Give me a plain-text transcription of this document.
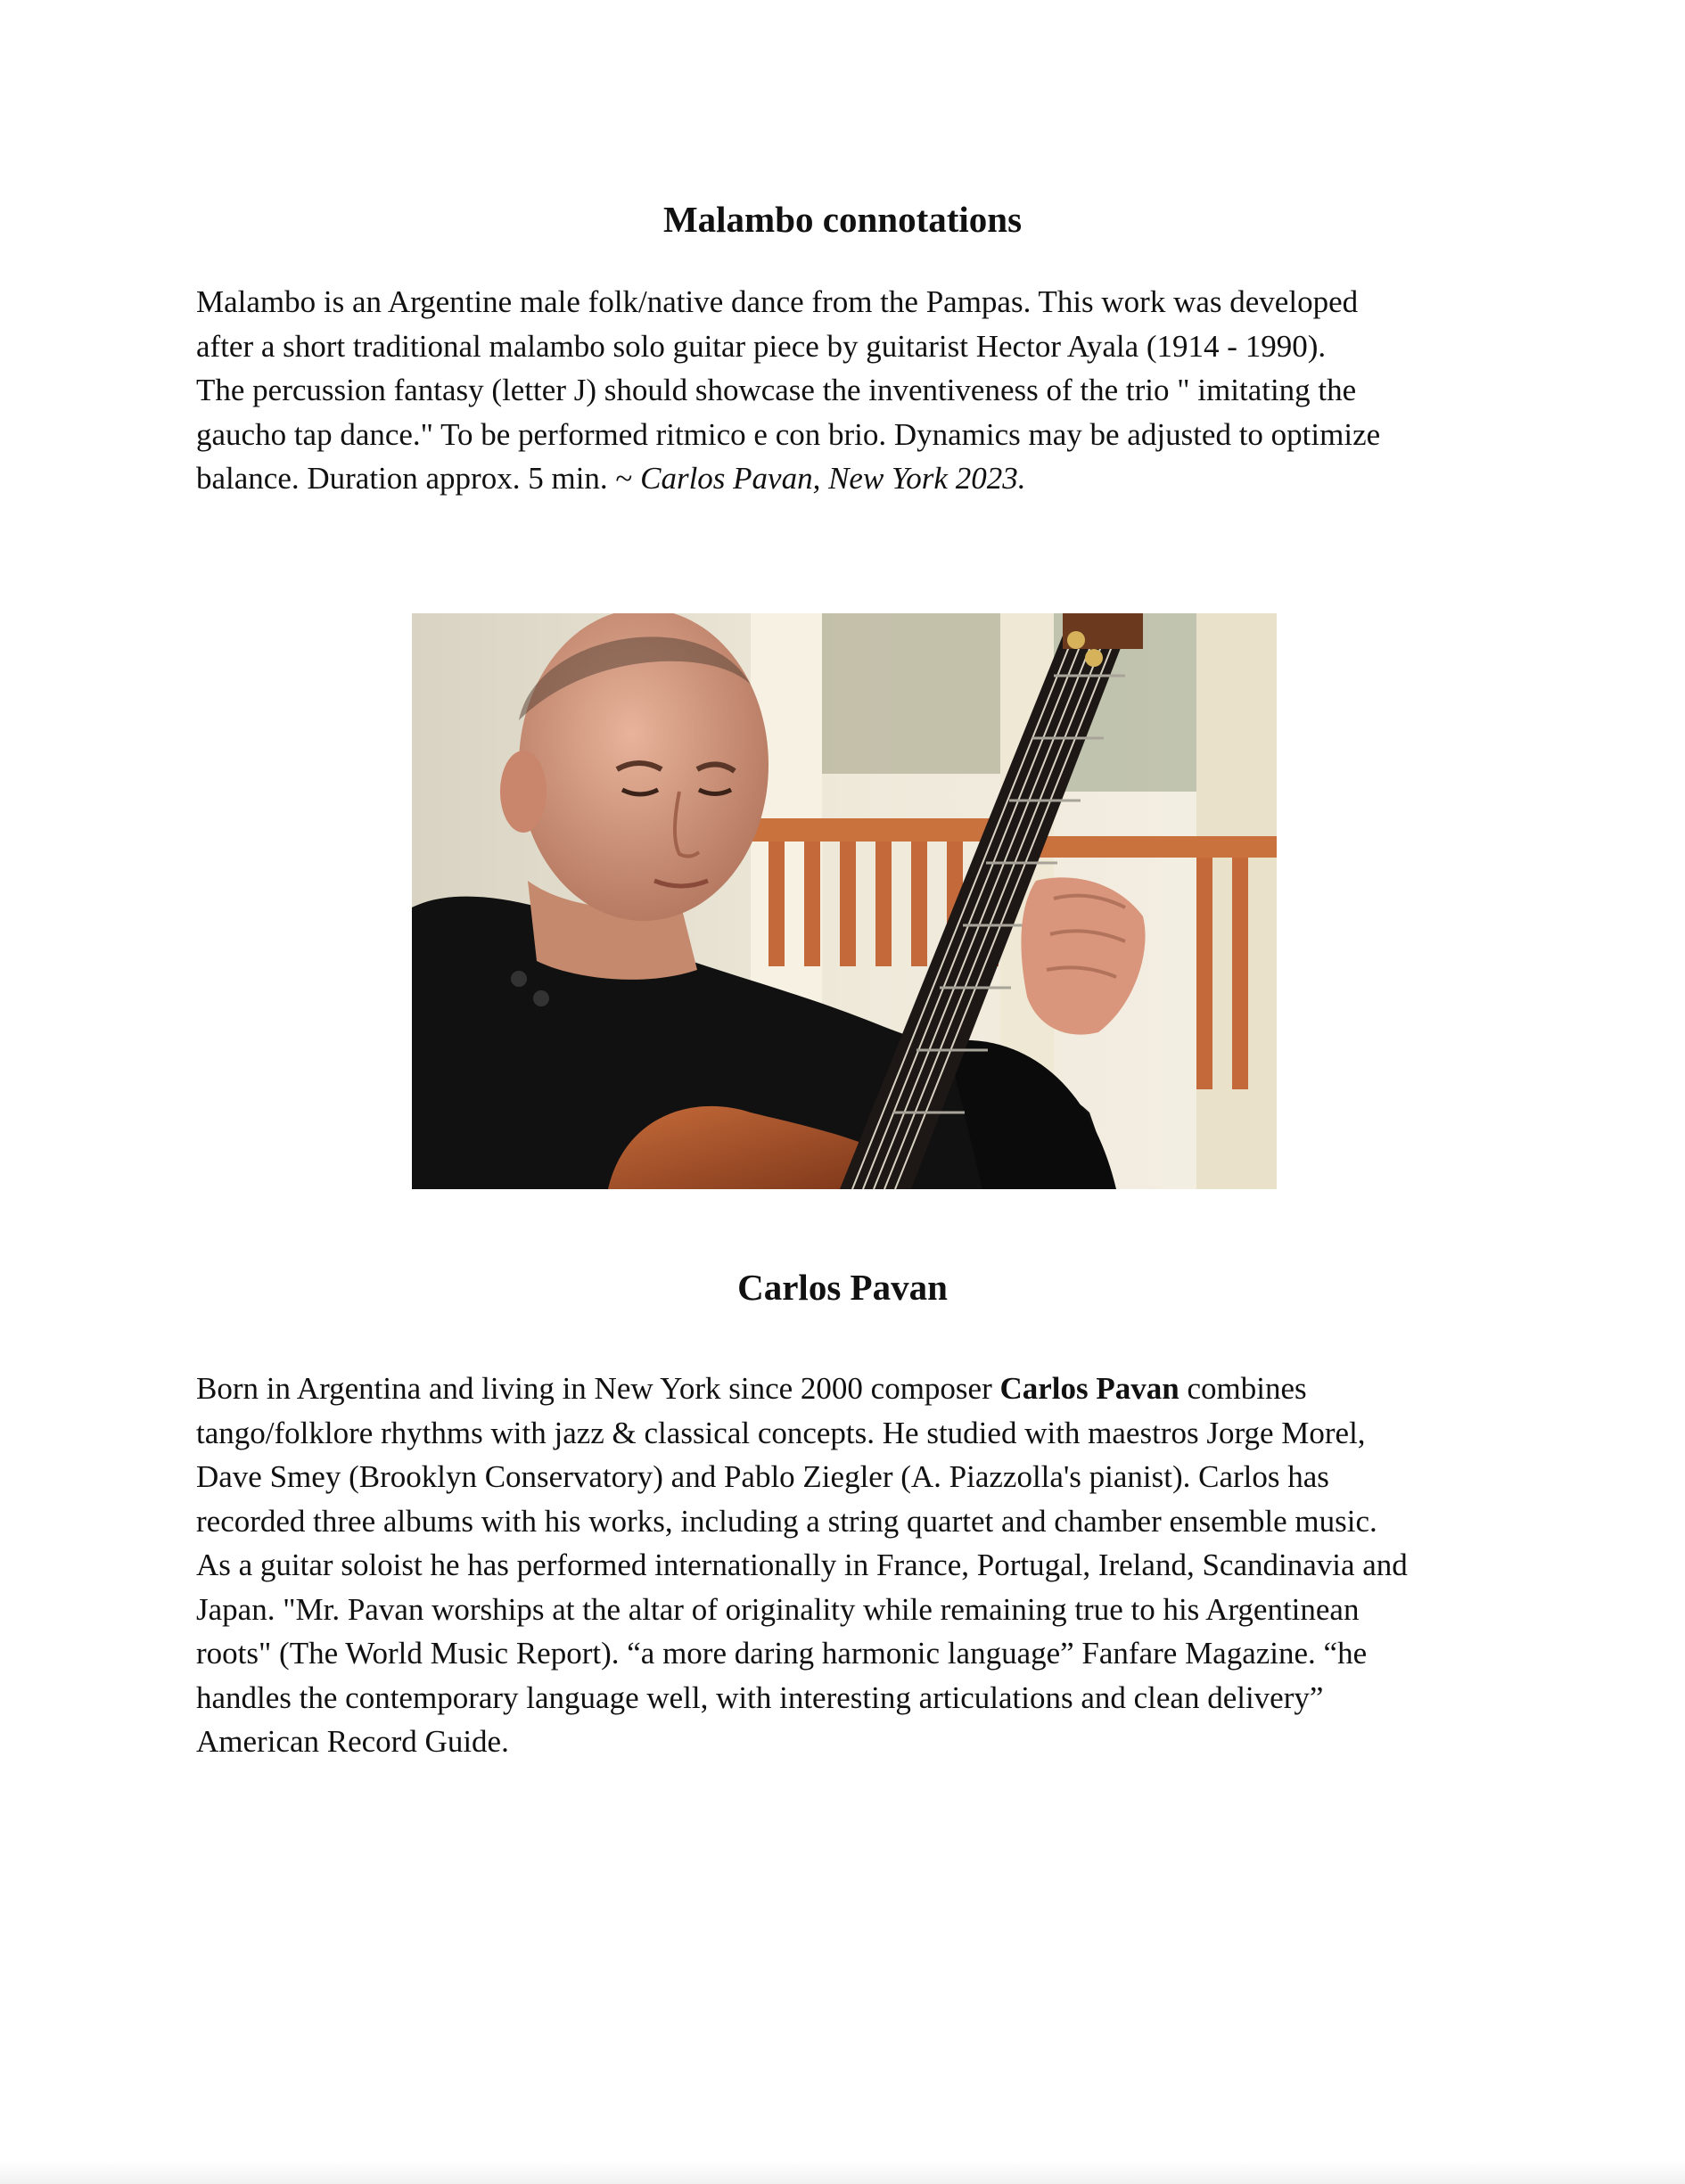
Malambo connotations

Malambo is an Argentine male folk/native dance from the Pampas. This work was developed
after a short traditional malambo solo guitar piece by guitarist Hector Ayala (1914 - 1990).
The percussion fantasy (letter J) should showcase the inventiveness of the trio " imitating the
gaucho tap dance." To be performed ritmico e con brio. Dynamics may be adjusted to optimize
balance. Duration approx. 5 min. ~ Carlos Pavan, New York 2023.

Carlos Pavan

Born in Argentina and living in New York since 2000 composer Carlos Pavan combines
tango/folklore rhythms with jazz & classical concepts. He studied with maestros Jorge Morel,
Dave Smey (Brooklyn Conservatory) and Pablo Ziegler (A. Piazzolla's pianist). Carlos has
recorded three albums with his works, including a string quartet and chamber ensemble music.
As a guitar soloist he has performed internationally in France, Portugal, Ireland, Scandinavia and
Japan. "Mr. Pavan worships at the altar of originality while remaining true to his Argentinean
roots" (The World Music Report). “a more daring harmonic language” Fanfare Magazine. “he
handles the contemporary language well, with interesting articulations and clean delivery”
American Record Guide.
